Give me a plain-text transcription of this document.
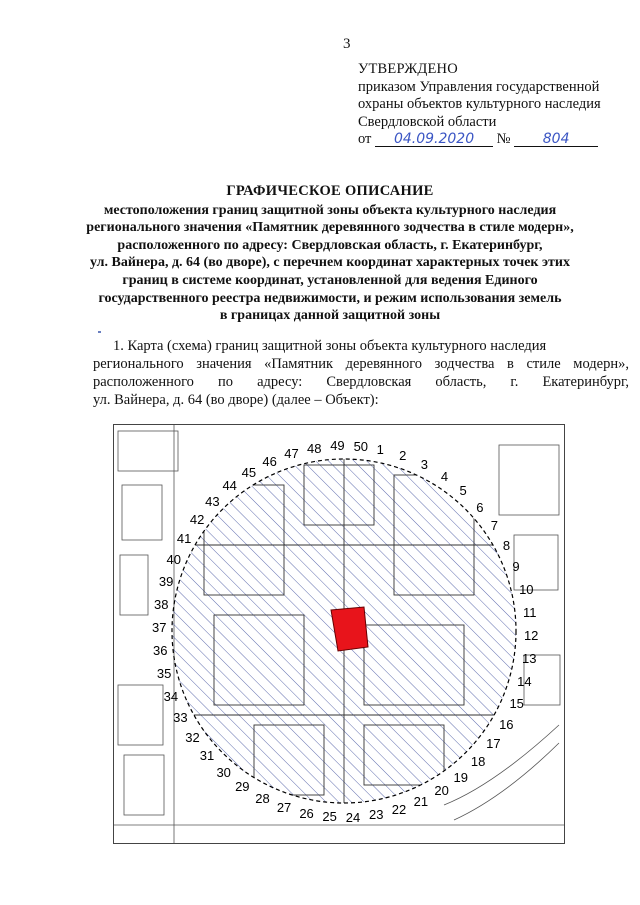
3
УТВЕРЖДЕНО
приказом Управления государственной
охраны объектов культурного наследия
Свердловской области
от 04.09.2020 № 804
ГРАФИЧЕСКОЕ ОПИСАНИЕ
местоположения границ защитной зоны объекта культурного наследия
регионального значения «Памятник деревянного зодчества в стиле модерн»,
расположенного по адресу: Свердловская область, г. Екатеринбург,
ул. Вайнера, д. 64 (во дворе), с перечнем координат характерных точек этих
границ в системе координат, установленной для ведения Единого
государственного реестра недвижимости, и режим использования земель
в границах данной защитной зоны
1. Карта (схема) границ защитной зоны объекта культурного наследия
регионального значения «Памятник деревянного зодчества в стиле модерн»,
расположенного по адресу: Свердловская область, г. Екатеринбург,
ул. Вайнера, д. 64 (во дворе) (далее – Объект):
1 2
3
4
5
6
7
8
9
10
11
12
13
14
15
16
17
18
19
20
21
22
23
24
25
26
27
28
29
30
31
32
33
34
35
36
37
38
39
40
41
42
43
44
45
46
47 48 49 50
